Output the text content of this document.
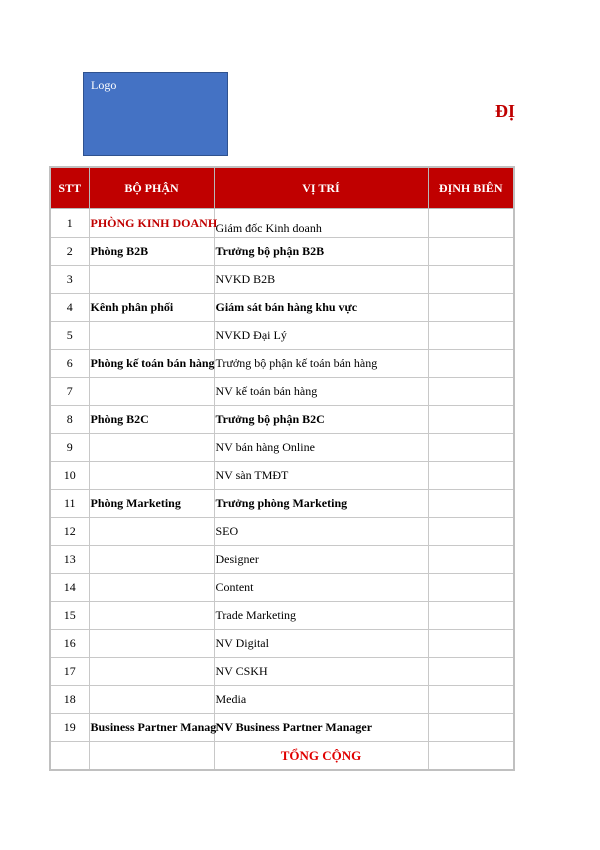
Logo
ĐỊ
STT	BỘ PHẬN	VỊ TRÍ	ĐỊNH BIÊN
1	PHÒNG KINH DOANH	Giám đốc Kinh doanh	
2	Phòng B2B	Trưởng bộ phận B2B	
3		NVKD B2B	
4	Kênh phân phối	Giám sát bán hàng khu vực	
5		NVKD Đại Lý	
6	Phòng kế toán bán hàng	Trưởng bộ phận kế toán bán hàng	
7		NV kế toán bán hàng	
8	Phòng B2C	Trưởng bộ phận B2C	
9		NV bán hàng Online	
10		NV sàn TMĐT	
11	Phòng Marketing	Trưởng phòng Marketing	
12		SEO	
13		Designer	
14		Content	
15		Trade Marketing	
16		NV Digital	
17		NV CSKH	
18		Media	
19	Business Partner Manag	NV Business Partner Manager	
		TỔNG CỘNG	
